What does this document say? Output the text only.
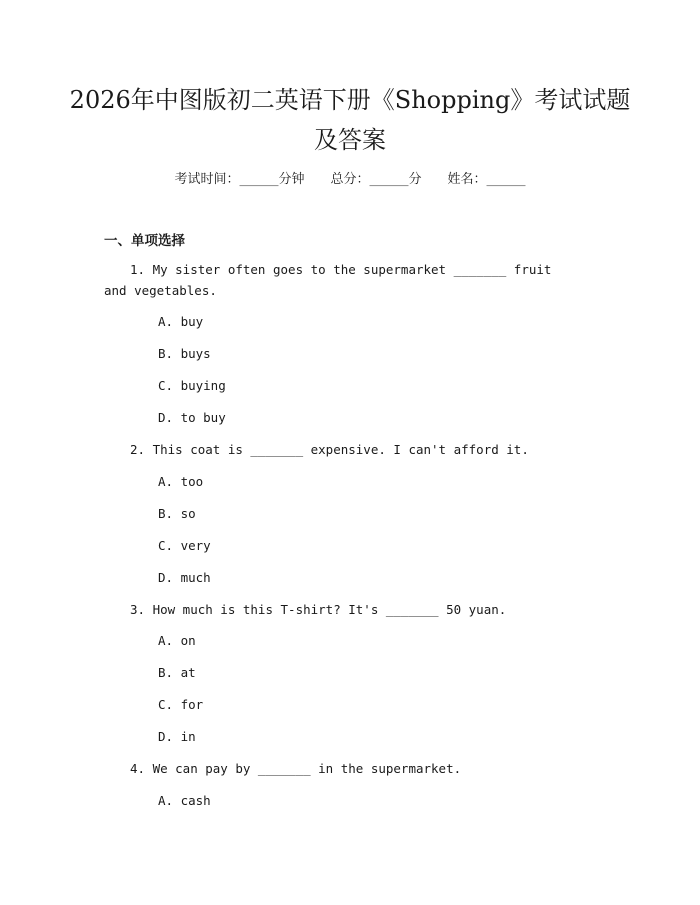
2026年中图版初二英语下册《Shopping》考试试题及答案
考试时间：______分钟 总分：______分 姓名：______
一、单项选择
1. My sister often goes to the supermarket _______ fruit and vegetables.
A. buy
B. buys
C. buying
D. to buy
2. This coat is _______ expensive. I can't afford it.
A. too
B. so
C. very
D. much
3. How much is this T-shirt? It's _______ 50 yuan.
A. on
B. at
C. for
D. in
4. We can pay by _______ in the supermarket.
A. cash
